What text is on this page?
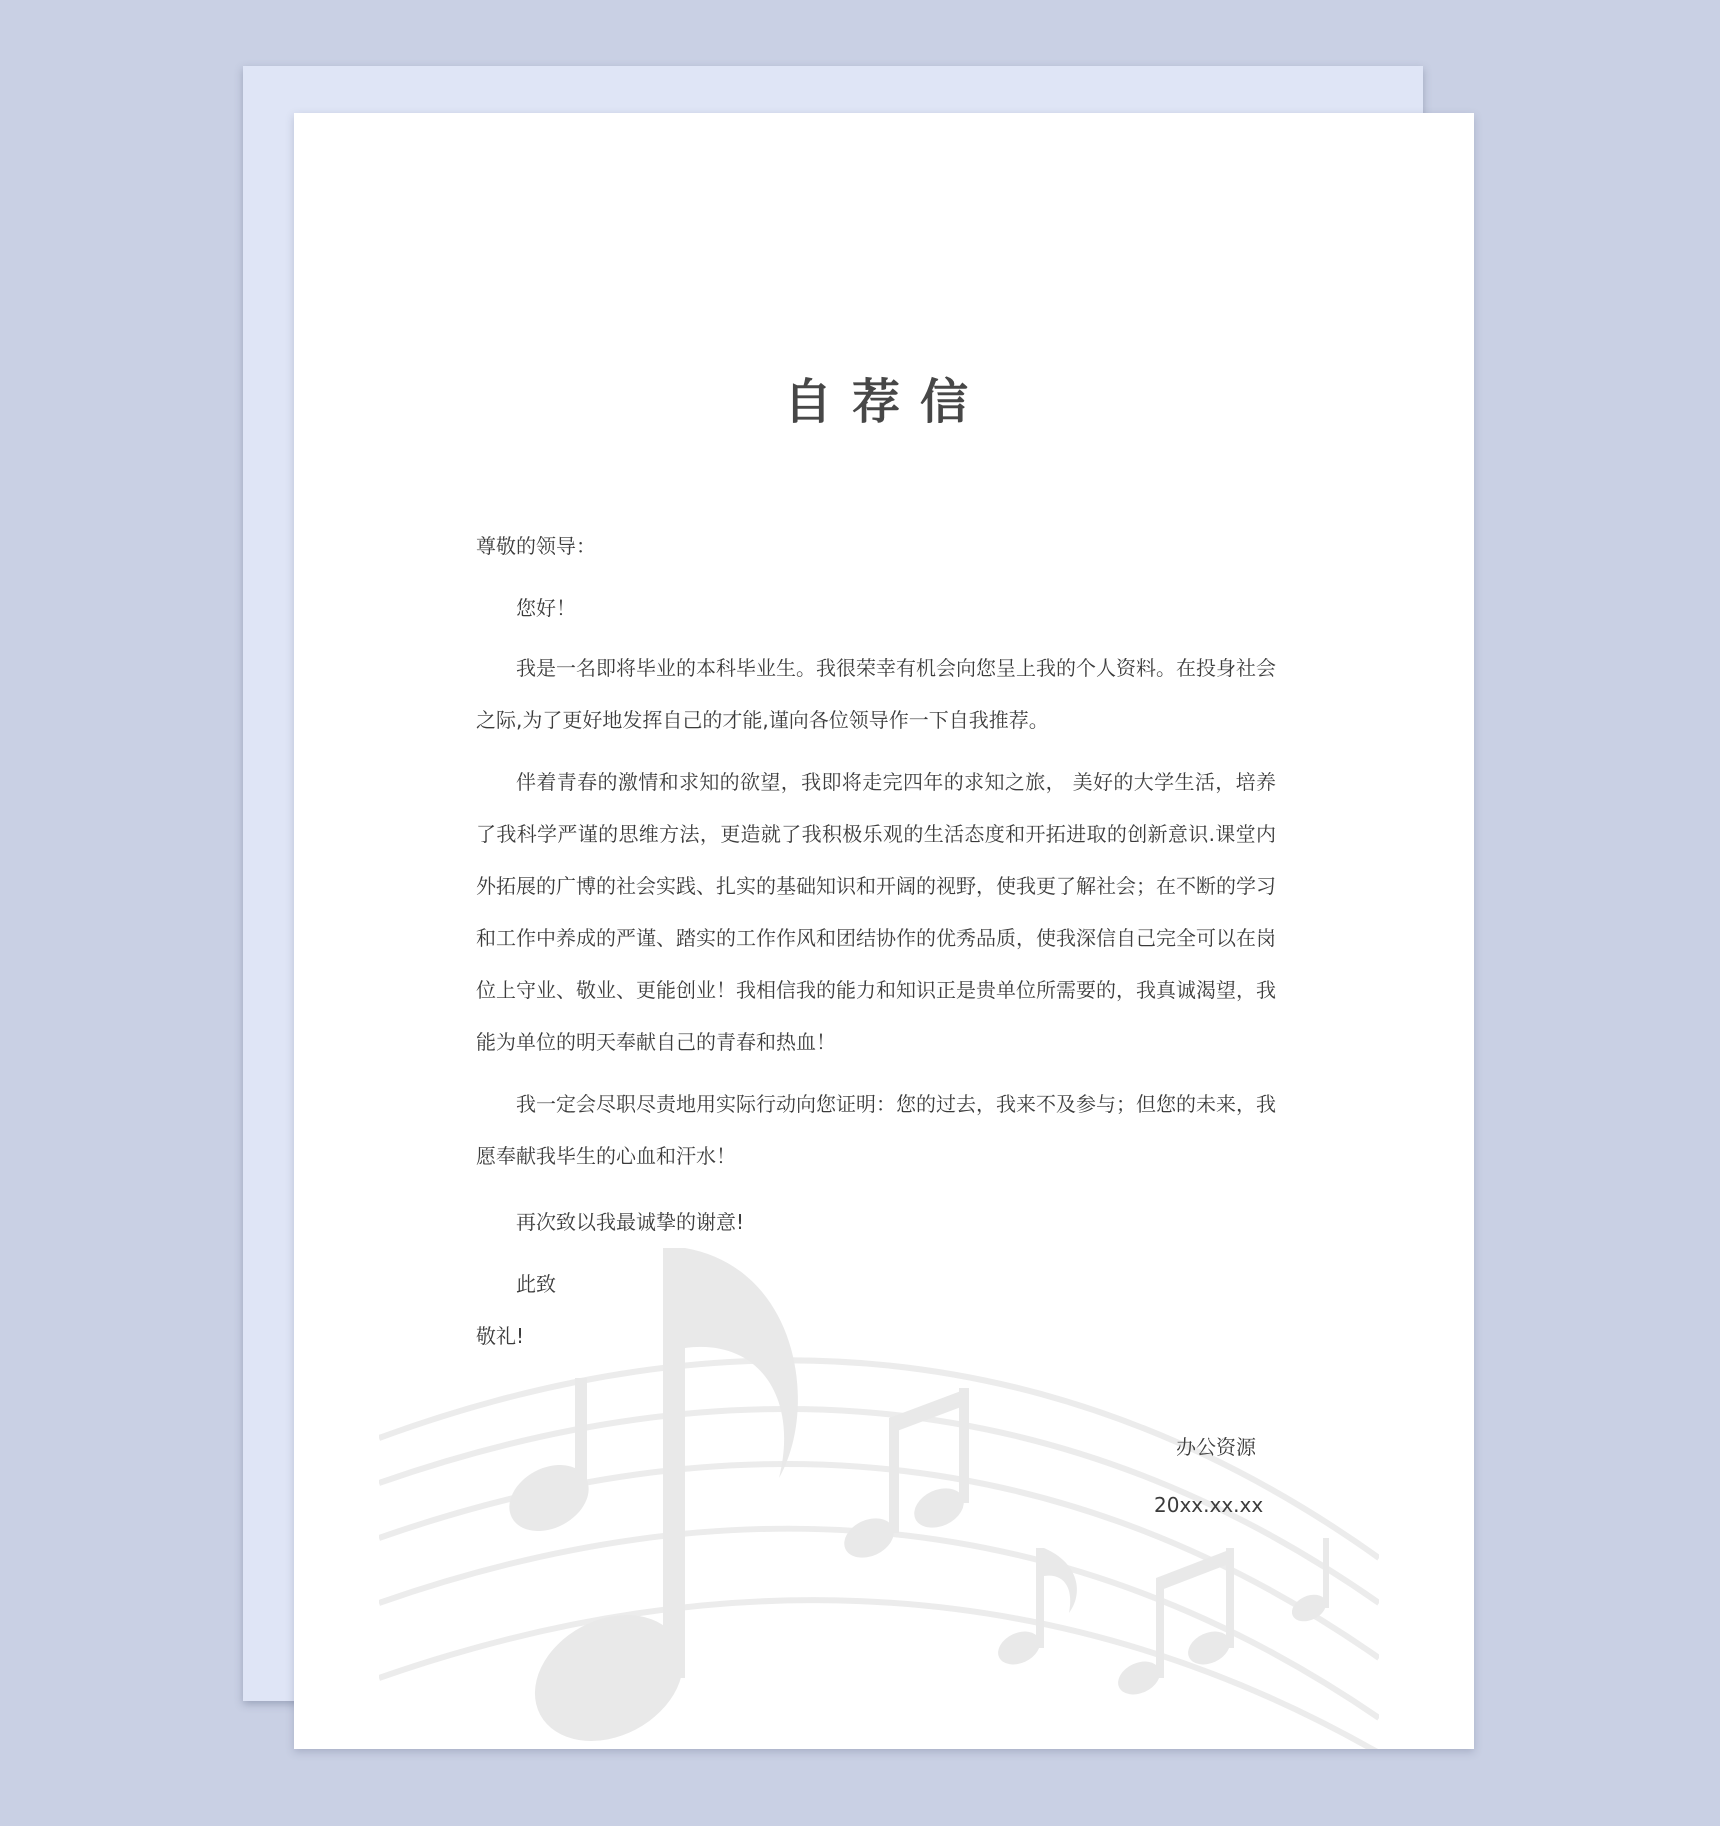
自荐信
尊敬的领导：
您好！

我是一名即将毕业的本科毕业生。我很荣幸有机会向您呈上我的个人资料。在投身社会之际,为了更好地发挥自己的才能,谨向各位领导作一下自我推荐。

伴着青春的激情和求知的欲望，我即将走完四年的求知之旅， 美好的大学生活，培养了我科学严谨的思维方法，更造就了我积极乐观的生活态度和开拓进取的创新意识.课堂内外拓展的广博的社会实践、扎实的基础知识和开阔的视野，使我更了解社会；在不断的学习和工作中养成的严谨、踏实的工作作风和团结协作的优秀品质，使我深信自己完全可以在岗位上守业、敬业、更能创业！我相信我的能力和知识正是贵单位所需要的，我真诚渴望，我能为单位的明天奉献自己的青春和热血！

我一定会尽职尽责地用实际行动向您证明：您的过去，我来不及参与；但您的未来，我愿奉献我毕生的心血和汗水！

再次致以我最诚挚的谢意!
此致
敬礼!
办公资源
20xx.xx.xx
